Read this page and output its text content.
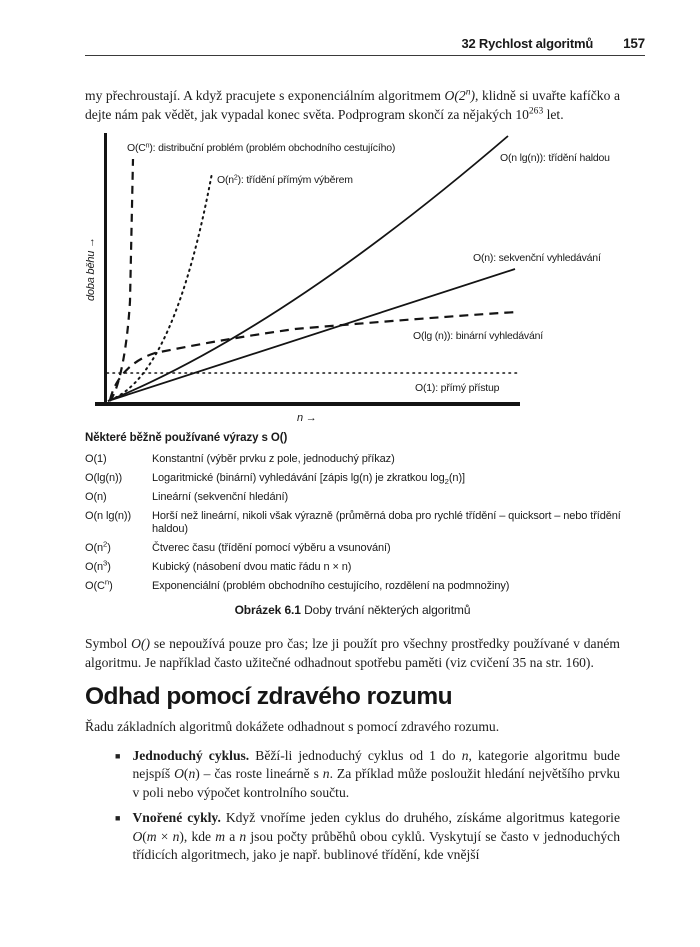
32 Rychlost algoritmů 157

my přechroustají. A když pracujete s exponenciálním algoritmem O(2$^n$), klidně si uvařte kafíčko a dejte nám pak vědět, jak vypadal konec světa. Podprogram skončí za nějakých $10^{263}$ let.

$O(C^n)$: distribuční problém (problém obchodního cestujícího)
$O(n^2)$: třídění přímým výběrem
O(n lg(n)): třídění haldou
O(n): sekvenční vyhledávání
O(lg (n)): binární vyhledávání
O(1): přímý přístup
n →
doba běhu →
Některé běžně používané výrazy s O()
O(1)	Konstantní (výběr prvku z pole, jednoduchý příkaz)
O(lg(n))	Logaritmické (binární) vyhledávání [zápis lg(n) je zkratkou $\log_2(n)$]
O(n)	Lineární (sekvenční hledání)
O(n lg(n))	Horší než lineární, nikoli však výrazně (průměrná doba pro rychlé třídění – quicksort – nebo třídění haldou)
$O(n^2)$	Čtverec času (třídění pomocí výběru a vsunování)
$O(n^3)$	Kubický (násobení dvou matic řádu n × n)
$O(C^n)$	Exponenciální (problém obchodního cestujícího, rozdělení na podmnožiny)
Obrázek 6.1 Doby trvání některých algoritmů

Symbol O() se nepoužívá pouze pro čas; lze ji použít pro všechny prostředky používané v daném algoritmu. Je například často užitečné odhadnout spotřebu paměti (viz cvičení 35 na str. 160).

Odhad pomocí zdravého rozumu

Řadu základních algoritmů dokážete odhadnout s pomocí zdravého rozumu.

■ Jednoduchý cyklus. Běží-li jednoduchý cyklus od 1 do n, kategorie algoritmu bude nejspíš O(n) – čas roste lineárně s n. Za příklad může posloužit hledání největšího prvku v poli nebo výpočet kontrolního součtu.
■ Vnořené cykly. Když vnoříme jeden cyklus do druhého, získáme algoritmus kategorie O(m × n), kde m a n jsou počty průběhů obou cyklů. Vyskytují se často v jednoduchých třídicích algoritmech, jako je např. bublinové třídění, kde vnější
